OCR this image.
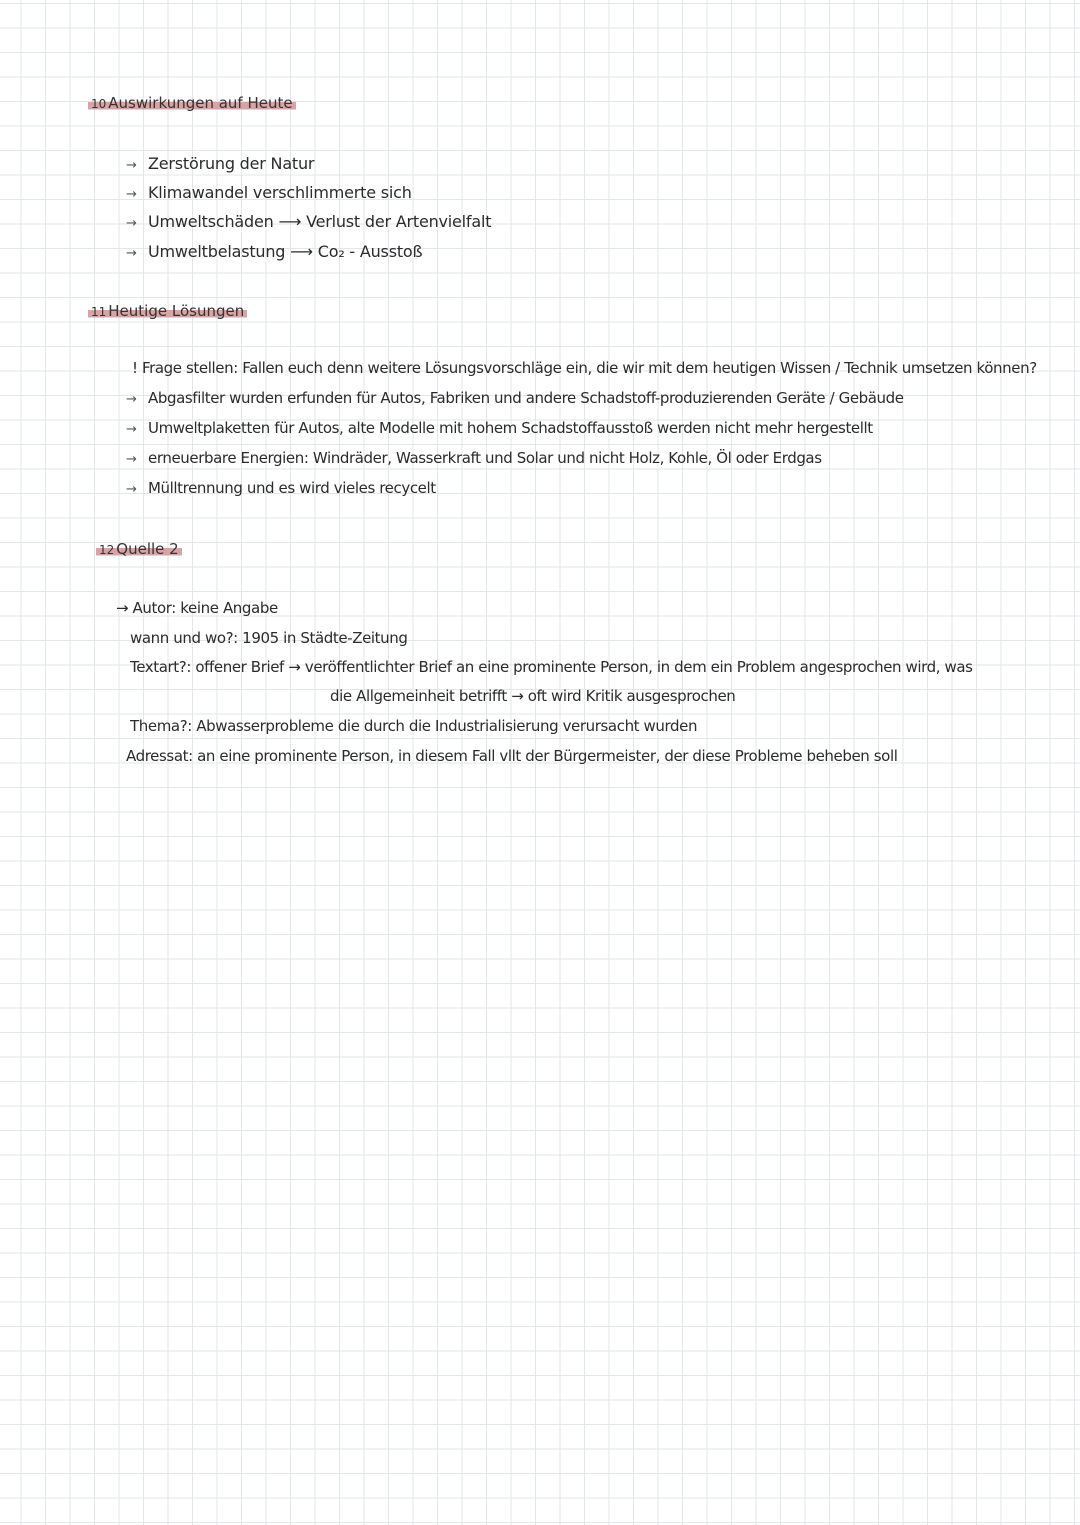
10 Auswirkungen auf Heute
→ Zerstörung der Natur
→ Klimawandel verschlimmerte sich
→ Umweltschäden ⟶ Verlust der Artenvielfalt
→ Umweltbelastung ⟶ Co₂ - Ausstoß
11 Heutige Lösungen
! Frage stellen: Fallen euch denn weitere Lösungsvorschläge ein, die wir mit dem heutigen Wissen / Technik umsetzen können?
→ Abgasfilter wurden erfunden für Autos, Fabriken und andere Schadstoff-produzierenden Geräte / Gebäude
→ Umweltplaketten für Autos, alte Modelle mit hohem Schadstoffausstoß werden nicht mehr hergestellt
→ erneuerbare Energien: Windräder, Wasserkraft und Solar und nicht Holz, Kohle, Öl oder Erdgas
→ Mülltrennung und es wird vieles recycelt
12 Quelle 2
→ Autor: keine Angabe
wann und wo?: 1905 in Städte-Zeitung
Textart?: offener Brief → veröffentlichter Brief an eine prominente Person, in dem ein Problem angesprochen wird, was
die Allgemeinheit betrifft → oft wird Kritik ausgesprochen
Thema?: Abwasserprobleme die durch die Industrialisierung verursacht wurden
Adressat: an eine prominente Person, in diesem Fall vllt der Bürgermeister, der diese Probleme beheben soll
